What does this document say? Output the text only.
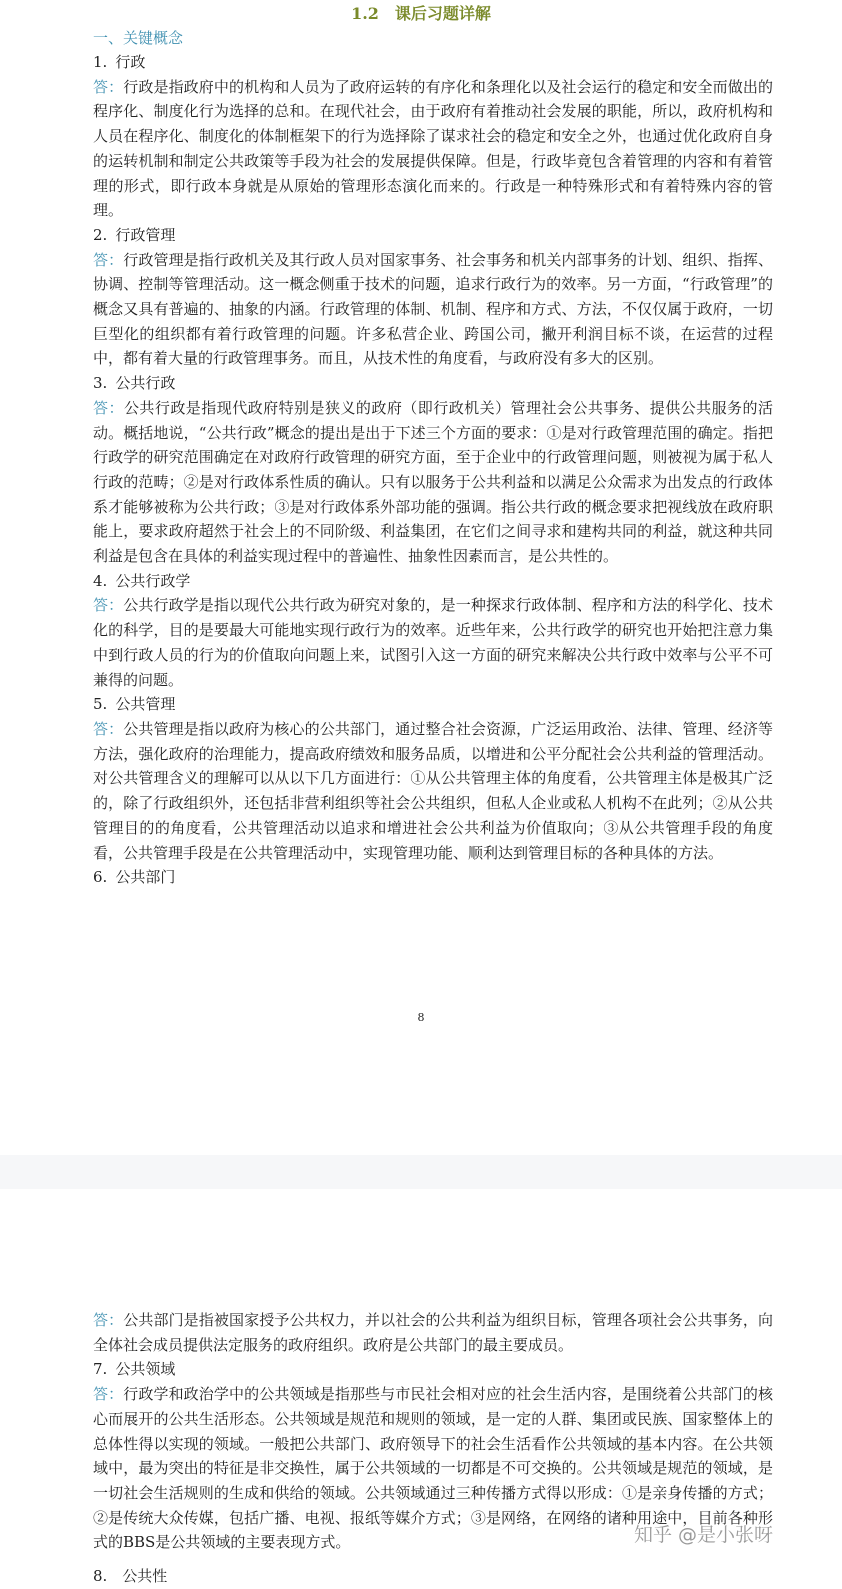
1.2　课后习题详解
一、关键概念
1. 行政
答：行政是指政府中的机构和人员为了政府运转的有序化和条理化以及社会运行的稳定和安全而做出的程序化、制度化行为选择的总和。在现代社会，由于政府有着推动社会发展的职能，所以，政府机构和人员在程序化、制度化的体制框架下的行为选择除了谋求社会的稳定和安全之外，也通过优化政府自身的运转机制和制定公共政策等手段为社会的发展提供保障。但是，行政毕竟包含着管理的内容和有着管理的形式，即行政本身就是从原始的管理形态演化而来的。行政是一种特殊形式和有着特殊内容的管理。
2. 行政管理
答：行政管理是指行政机关及其行政人员对国家事务、社会事务和机关内部事务的计划、组织、指挥、协调、控制等管理活动。这一概念侧重于技术的问题，追求行政行为的效率。另一方面，“行政管理”的概念又具有普遍的、抽象的内涵。行政管理的体制、机制、程序和方式、方法，不仅仅属于政府，一切巨型化的组织都有着行政管理的问题。许多私营企业、跨国公司，撇开利润目标不谈，在运营的过程中，都有着大量的行政管理事务。而且，从技术性的角度看，与政府没有多大的区别。
3. 公共行政
答：公共行政是指现代政府特别是狭义的政府（即行政机关）管理社会公共事务、提供公共服务的活动。概括地说，“公共行政”概念的提出是出于下述三个方面的要求：①是对行政管理范围的确定。指把行政学的研究范围确定在对政府行政管理的研究方面，至于企业中的行政管理问题，则被视为属于私人行政的范畴；②是对行政体系性质的确认。只有以服务于公共利益和以满足公众需求为出发点的行政体系才能够被称为公共行政；③是对行政体系外部功能的强调。指公共行政的概念要求把视线放在政府职能上，要求政府超然于社会上的不同阶级、利益集团，在它们之间寻求和建构共同的利益，就这种共同利益是包含在具体的利益实现过程中的普遍性、抽象性因素而言，是公共性的。
4. 公共行政学
答：公共行政学是指以现代公共行政为研究对象的，是一种探求行政体制、程序和方法的科学化、技术化的科学，目的是要最大可能地实现行政行为的效率。近些年来，公共行政学的研究也开始把注意力集中到行政人员的行为的价值取向问题上来，试图引入这一方面的研究来解决公共行政中效率与公平不可兼得的问题。
5. 公共管理
答：公共管理是指以政府为核心的公共部门，通过整合社会资源，广泛运用政治、法律、管理、经济等方法，强化政府的治理能力，提高政府绩效和服务品质，以增进和公平分配社会公共利益的管理活动。对公共管理含义的理解可以从以下几方面进行：①从公共管理主体的角度看，公共管理主体是极其广泛的，除了行政组织外，还包括非营利组织等社会公共组织，但私人企业或私人机构不在此列；②从公共管理目的的角度看，公共管理活动以追求和增进社会公共利益为价值取向；③从公共管理手段的角度看，公共管理手段是在公共管理活动中，实现管理功能、顺利达到管理目标的各种具体的方法。
6. 公共部门
8
答：公共部门是指被国家授予公共权力，并以社会的公共利益为组织目标，管理各项社会公共事务，向全体社会成员提供法定服务的政府组织。政府是公共部门的最主要成员。
7. 公共领域
答：行政学和政治学中的公共领域是指那些与市民社会相对应的社会生活内容，是围绕着公共部门的核心而展开的公共生活形态。公共领域是规范和规则的领域，是一定的人群、集团或民族、国家整体上的总体性得以实现的领域。一般把公共部门、政府领导下的社会生活看作公共领域的基本内容。在公共领域中，最为突出的特征是非交换性，属于公共领域的一切都是不可交换的。公共领域是规范的领域，是一切社会生活规则的生成和供给的领域。公共领域通过三种传播方式得以形成：①是亲身传播的方式；②是传统大众传媒，包括广播、电视、报纸等媒介方式；③是网络，在网络的诸种用途中，目前各种形式的BBS是公共领域的主要表现方式。
8.　公共性
知乎 @是小张呀
